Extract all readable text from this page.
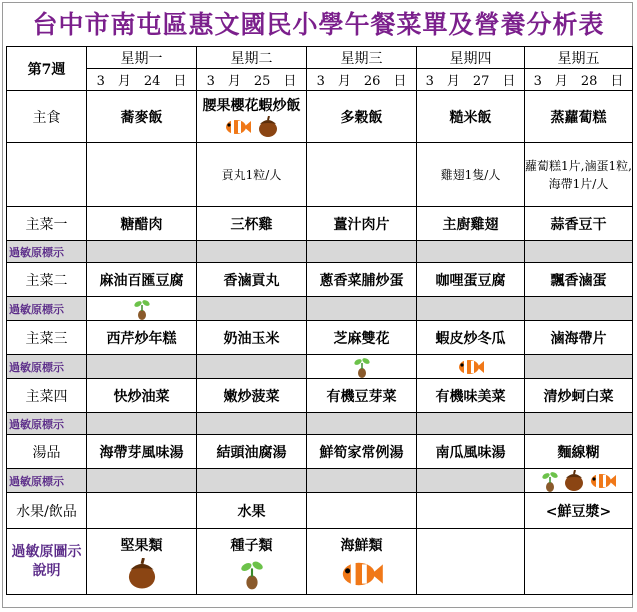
台中市南屯區惠文國民小學午餐菜單及營養分析表
第7週	星期一	星期二	星期三	星期四	星期五
	3　月　24　日	3　月　25　日	3　月　26　日	3　月　27　日	3　月　28　日
主食	蕎麥飯	腰果櫻花蝦炒飯	多穀飯	糙米飯	蒸蘿蔔糕
		貢丸1粒/人		雞翅1隻/人	蘿蔔糕1片,滷蛋1粒,海帶1片/人
主菜一	糖醋肉	三杯雞	薑汁肉片	主廚雞翅	蒜香豆干
過敏原標示					
主菜二	麻油百匯豆腐	香滷貢丸	蔥香菜脯炒蛋	咖哩蛋豆腐	飄香滷蛋
過敏原標示					
主菜三	西芹炒年糕	奶油玉米	芝麻雙花	蝦皮炒冬瓜	滷海帶片
過敏原標示					
主菜四	快炒油菜	嫩炒菠菜	有機豆芽菜	有機味美菜	清炒蚵白菜
過敏原標示					
湯品	海帶芽風味湯	結頭油腐湯	鮮筍家常例湯	南瓜風味湯	麵線糊
過敏原標示					
水果/飲品		水果			<鮮豆漿>
過敏原圖示說明	堅果類	種子類	海鮮類
